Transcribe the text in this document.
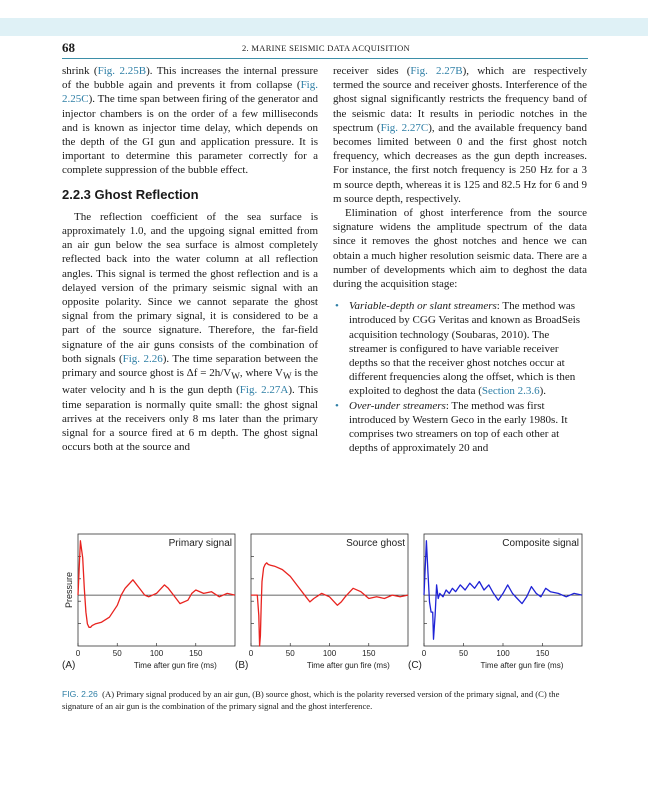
68	2. MARINE SEISMIC DATA ACQUISITION

shrink (Fig. 2.25B). This increases the internal pressure of the bubble again and prevents it from collapse (Fig. 2.25C). The time span between firing of the generator and injector chambers is on the order of a few milliseconds and is known as injector time delay, which depends on the depth of the GI gun and application pressure. It is important to determine this parameter correctly for a complete suppression of the bubble effect.

2.2.3 Ghost Reflection

The reflection coefficient of the sea surface is approximately 1.0, and the upgoing signal emitted from an air gun below the sea surface is almost completely reflected back into the water column at all reflection angles. This signal is termed the ghost reflection and is a delayed version of the primary seismic signal with an opposite polarity. Since we cannot separate the ghost signal from the primary signal, it is considered to be a part of the source signature. Therefore, the far-field signature of the air guns consists of the combination of both signals (Fig. 2.26). The time separation between the primary and source ghost is $\Delta f = 2h/V_W$, where $V_W$ is the water velocity and h is the gun depth (Fig. 2.27A). This time separation is normally quite small: the ghost signal arrives at the receivers only 8 ms later than the primary signal for a source fired at 6 m depth. The ghost signal occurs both at the source and

receiver sides (Fig. 2.27B), which are respectively termed the source and receiver ghosts. Interference of the ghost signal significantly restricts the frequency band of the seismic data: It results in periodic notches in the spectrum (Fig. 2.27C), and the available frequency band becomes limited between 0 and the first ghost notch frequency, which decreases as the gun depth increases. For instance, the first notch frequency is 250 Hz for a 3 m source depth, whereas it is 125 and 82.5 Hz for 6 and 9 m source depth, respectively.

Elimination of ghost interference from the source signature widens the amplitude spectrum of the data since it removes the ghost notches and hence we can obtain a much higher resolution seismic data. There are a number of developments which aim to deghost the data during the acquisition stage:

• Variable-depth or slant streamers: The method was introduced by CGG Veritas and known as BroadSeis acquisition technology (Soubaras, 2010). The streamer is configured to have variable receiver depths so that the receiver ghost notches occur at different frequencies along the offset, which is then exploited to deghost the data (Section 2.3.6).
• Over-under streamers: The method was first introduced by Western Geco in the early 1980s. It comprises two streamers on top of each other at depths of approximately 20 and
Pressure
0	50	100	150
Primary signal
Time after gun fire (ms)
(A)
0	50	100	150
Source ghost
Time after gun fire (ms)
(B)
0	50	100	150
Composite signal
Time after gun fire (ms)
(C)
FIG. 2.26 (A) Primary signal produced by an air gun, (B) source ghost, which is the polarity reversed version of the primary signal, and (C) the signature of an air gun is the combination of the primary signal and the ghost interference.
